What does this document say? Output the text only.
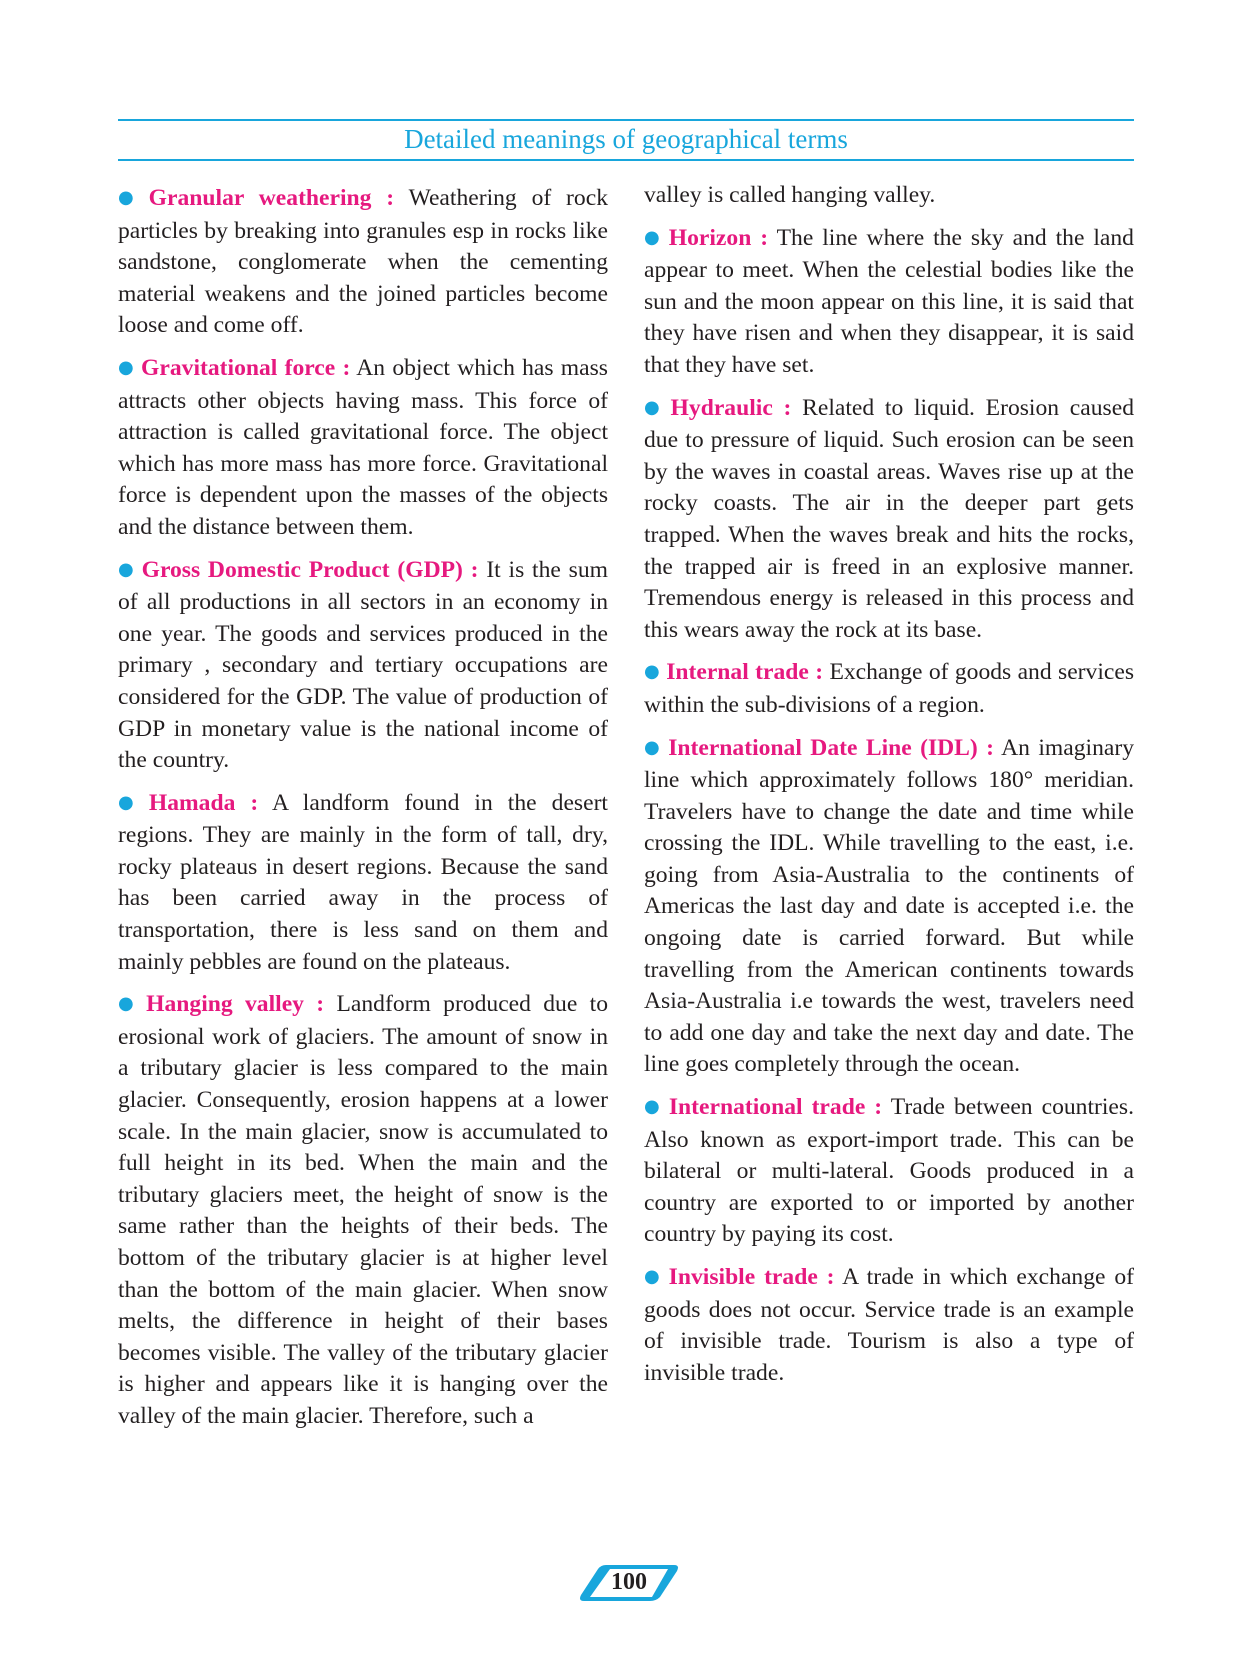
Detailed meanings of geographical terms

● Granular weathering : Weathering of rock particles by breaking into granules esp in rocks like sandstone, conglomerate when the cementing material weakens and the joined particles become loose and come off.

● Gravitational force : An object which has mass attracts other objects having mass. This force of attraction is called gravitational force. The object which has more mass has more force. Gravitational force is dependent upon the masses of the objects and the distance between them.

● Gross Domestic Product (GDP) : It is the sum of all productions in all sectors in an economy in one year. The goods and services produced in the primary , secondary and tertiary occupations are considered for the GDP. The value of production of GDP in monetary value is the national income of the country.

● Hamada : A landform found in the desert regions. They are mainly in the form of tall, dry, rocky plateaus in desert regions. Because the sand has been carried away in the process of transportation, there is less sand on them and mainly pebbles are found on the plateaus.

● Hanging valley : Landform produced due to erosional work of glaciers. The amount of snow in a tributary glacier is less compared to the main glacier. Consequently, erosion happens at a lower scale. In the main glacier, snow is accumulated to full height in its bed. When the main and the tributary glaciers meet, the height of snow is the same rather than the heights of their beds. The bottom of the tributary glacier is at higher level than the bottom of the main glacier. When snow melts, the difference in height of their bases becomes visible. The valley of the tributary glacier is higher and appears like it is hanging over the valley of the main glacier. Therefore, such a

valley is called hanging valley.

● Horizon : The line where the sky and the land appear to meet. When the celestial bodies like the sun and the moon appear on this line, it is said that they have risen and when they disappear, it is said that they have set.

● Hydraulic : Related to liquid. Erosion caused due to pressure of liquid. Such erosion can be seen by the waves in coastal areas. Waves rise up at the rocky coasts. The air in the deeper part gets trapped. When the waves break and hits the rocks, the trapped air is freed in an explosive manner. Tremendous energy is released in this process and this wears away the rock at its base.

● Internal trade : Exchange of goods and services within the sub-divisions of a region.

● International Date Line (IDL) : An imaginary line which approximately follows 180° meridian. Travelers have to change the date and time while crossing the IDL. While travelling to the east, i.e. going from Asia-Australia to the continents of Americas the last day and date is accepted i.e. the ongoing date is carried forward. But while travelling from the American continents towards Asia-Australia i.e towards the west, travelers need to add one day and take the next day and date. The line goes completely through the ocean.

● International trade : Trade between countries. Also known as export-import trade. This can be bilateral or multi-lateral. Goods produced in a country are exported to or imported by another country by paying its cost.

● Invisible trade : A trade in which exchange of goods does not occur. Service trade is an example of invisible trade. Tourism is also a type of invisible trade.

100
